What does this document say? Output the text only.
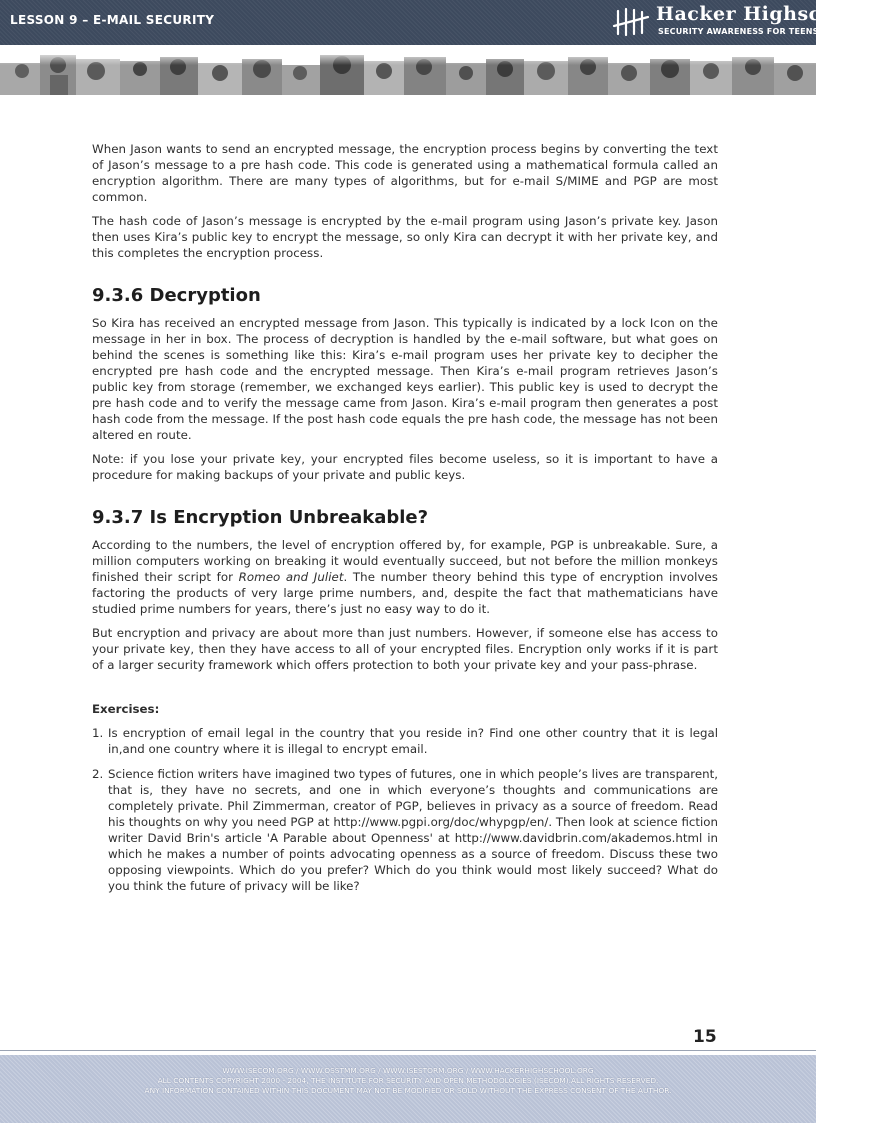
LESSON 9 – E-MAIL SECURITY	Hacker Highschool
SECURITY AWARENESS FOR TEENS

When Jason wants to send an encrypted message, the encryption process begins by converting the text of Jason’s message to a pre hash code. This code is generated using a mathematical formula called an encryption algorithm. There are many types of algorithms, but for e-mail S/MIME and PGP are most common.

The hash code of Jason’s message is encrypted by the e-mail program using Jason’s private key. Jason then uses Kira’s public key to encrypt the message, so only Kira can decrypt it with her private key, and this completes the encryption process.

9.3.6 Decryption

So Kira has received an encrypted message from Jason. This typically is indicated by a lock Icon on the message in her in box. The process of decryption is handled by the e-mail software, but what goes on behind the scenes is something like this: Kira’s e-mail program uses her private key to decipher the encrypted pre hash code and the encrypted message. Then Kira’s e-mail program retrieves Jason’s public key from storage (remember, we exchanged keys earlier). This public key is used to decrypt the pre hash code and to verify the message came from Jason. Kira’s e-mail program then generates a post hash code from the message. If the post hash code equals the pre hash code, the message has not been altered en route.

Note: if you lose your private key, your encrypted files become useless, so it is important to have a procedure for making backups of your private and public keys.

9.3.7 Is Encryption Unbreakable?

According to the numbers, the level of encryption offered by, for example, PGP is unbreakable. Sure, a million computers working on breaking it would eventually succeed, but not before the million monkeys finished their script for Romeo and Juliet. The number theory behind this type of encryption involves factoring the products of very large prime numbers, and, despite the fact that mathematicians have studied prime numbers for years, there’s just no easy way to do it.

But encryption and privacy are about more than just numbers. However, if someone else has access to your private key, then they have access to all of your encrypted files. Encryption only works if it is part of a larger security framework which offers protection to both your private key and your pass-phrase.

Exercises:
1. Is encryption of email legal in the country that you reside in? Find one other country that it is legal in,and one country where it is illegal to encrypt email.
2. Science fiction writers have imagined two types of futures, one in which people’s lives are transparent, that is, they have no secrets, and one in which everyone’s thoughts and communications are completely private. Phil Zimmerman, creator of PGP, believes in privacy as a source of freedom. Read his thoughts on why you need PGP at http://www.pgpi.org/doc/whypgp/en/. Then look at science fiction writer David Brin's article 'A Parable about Openness' at http://www.davidbrin.com/akademos.html in which he makes a number of points advocating openness as a source of freedom. Discuss these two opposing viewpoints. Which do you prefer? Which do you think would most likely succeed? What do you think the future of privacy will be like?
15
WWW.ISECOM.ORG / WWW.OSSTMM.ORG / WWW.ISESTORM.ORG / WWW.HACKERHIGHSCHOOL.ORG
ALL CONTENTS COPYRIGHT 2000 - 2004, THE INSTITUTE FOR SECURITY AND OPEN METHODOLOGIES (ISECOM).ALL RIGHTS RESERVED.
ANY INFORMATION CONTAINED WITHIN THIS DOCUMENT MAY NOT BE MODIFIED OR SOLD WITHOUT THE EXPRESS CONSENT OF THE AUTHOR.
